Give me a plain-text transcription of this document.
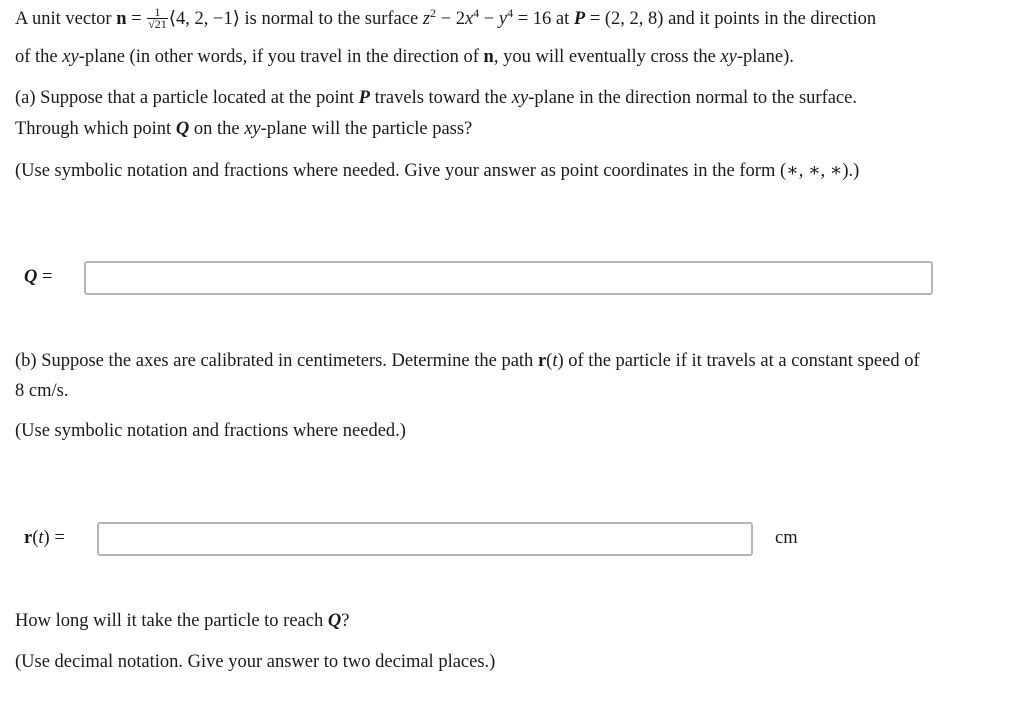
A unit vector $n = \frac{1}{√21}$ ⟨4, 2, −1⟩ is normal to the surface $z^2 - 2x^4 - y^4 = 16$ at P = (2, 2, 8) and it points in the direction
of the xy-plane (in other words, if you travel in the direction of n, you will eventually cross the xy-plane).
(a) Suppose that a particle located at the point P travels toward the xy-plane in the direction normal to the surface.
Through which point Q on the xy-plane will the particle pass?
(Use symbolic notation and fractions where needed. Give your answer as point coordinates in the form (∗, ∗, ∗).)
Q =
(b) Suppose the axes are calibrated in centimeters. Determine the path r(t) of the particle if it travels at a constant speed of
8 cm/s.
(Use symbolic notation and fractions where needed.)
r(t) =	cm
How long will it take the particle to reach Q?
(Use decimal notation. Give your answer to two decimal places.)
